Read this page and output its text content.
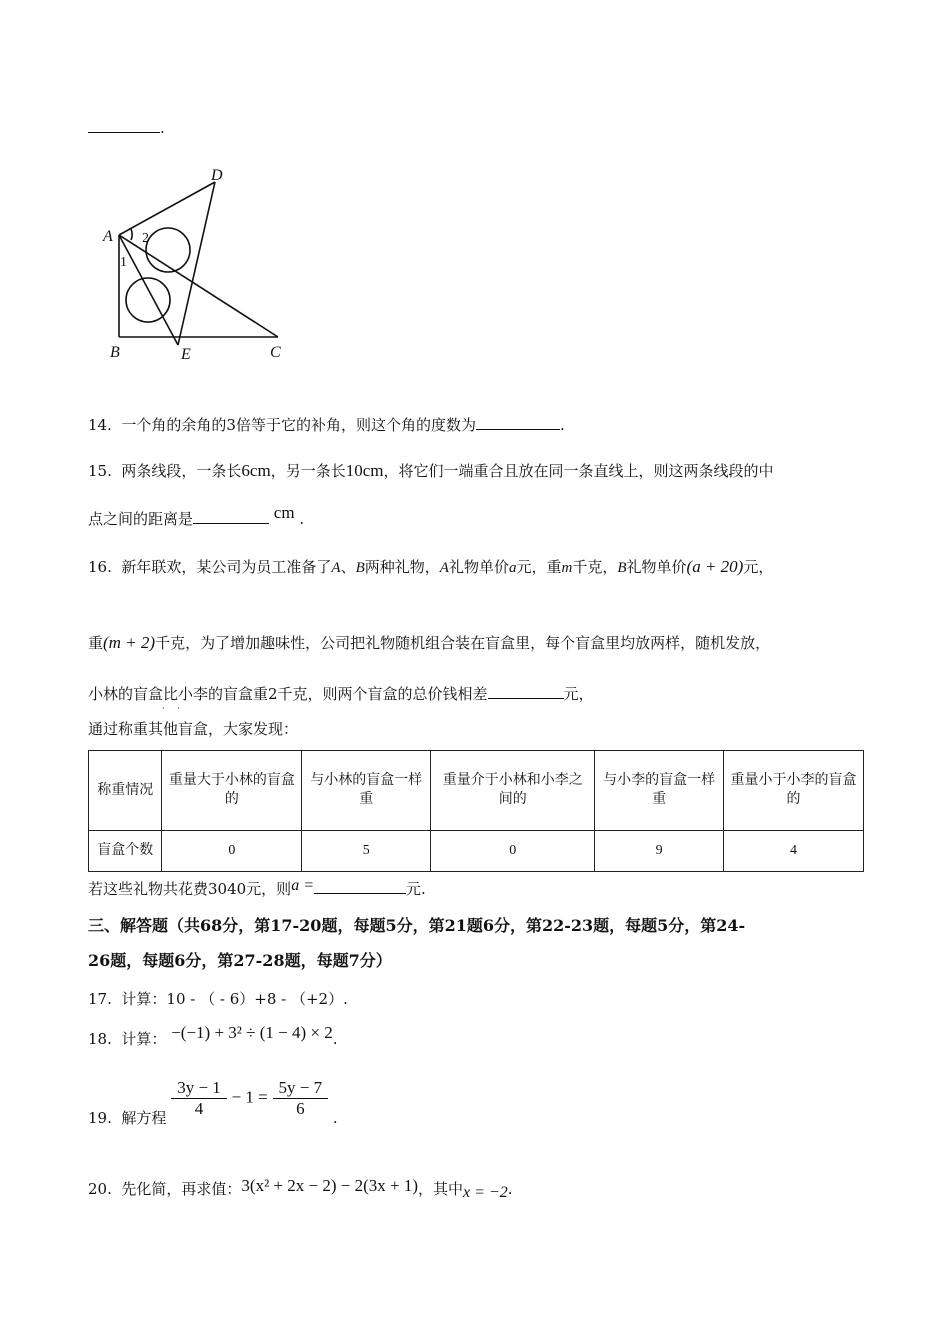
.
D
A
B	E	C
2
1
14. 一个角的余角的3倍等于它的补角，则这个角的度数为	.
15. 两条线段，一条长6cm，另一条长10cm，将它们一端重合且放在同一条直线上，则这两条线段的中
点之间的距离是	cm .
16. 新年联欢，某公司为员工准备了A、B两种礼物，A礼物单价a元，重m千克，B礼物单价(a + 20)元，
重(m + 2)千克，为了增加趣味性，公司把礼物随机组合装在盲盒里，每个盲盒里均放两样，随机发放，
小林的盲盒比小李的盲盒重2千克，则两个盲盒的总价钱相差	元，
· ·
通过称重其他盲盒，大家发现：
称重情况	重量大于小林的盲盒的	与小林的盲盒一样重	重量介于小林和小李之间的	与小李的盲盒一样重	重量小于小李的盲盒的
盲盒个数	0	5	0	9	4
若这些礼物共花费3040元，则a =	元.
三、解答题（共68分，第17-20题，每题5分，第21题6分，第22-23题，每题5分，第24-
26题，每题6分，第27-28题，每题7分）
17. 计算：10 - （ - 6）+8 - （+2）.
18. 计算： −(−1) + 3² ÷ (1 − 4) × 2.
19. 解方程 $\frac{3y - 1}{4} - 1 = \frac{5y - 7}{6}$ .
20. 先化简，再求值：3(x² + 2x − 2) − 2(3x + 1)，其中x = −2.
